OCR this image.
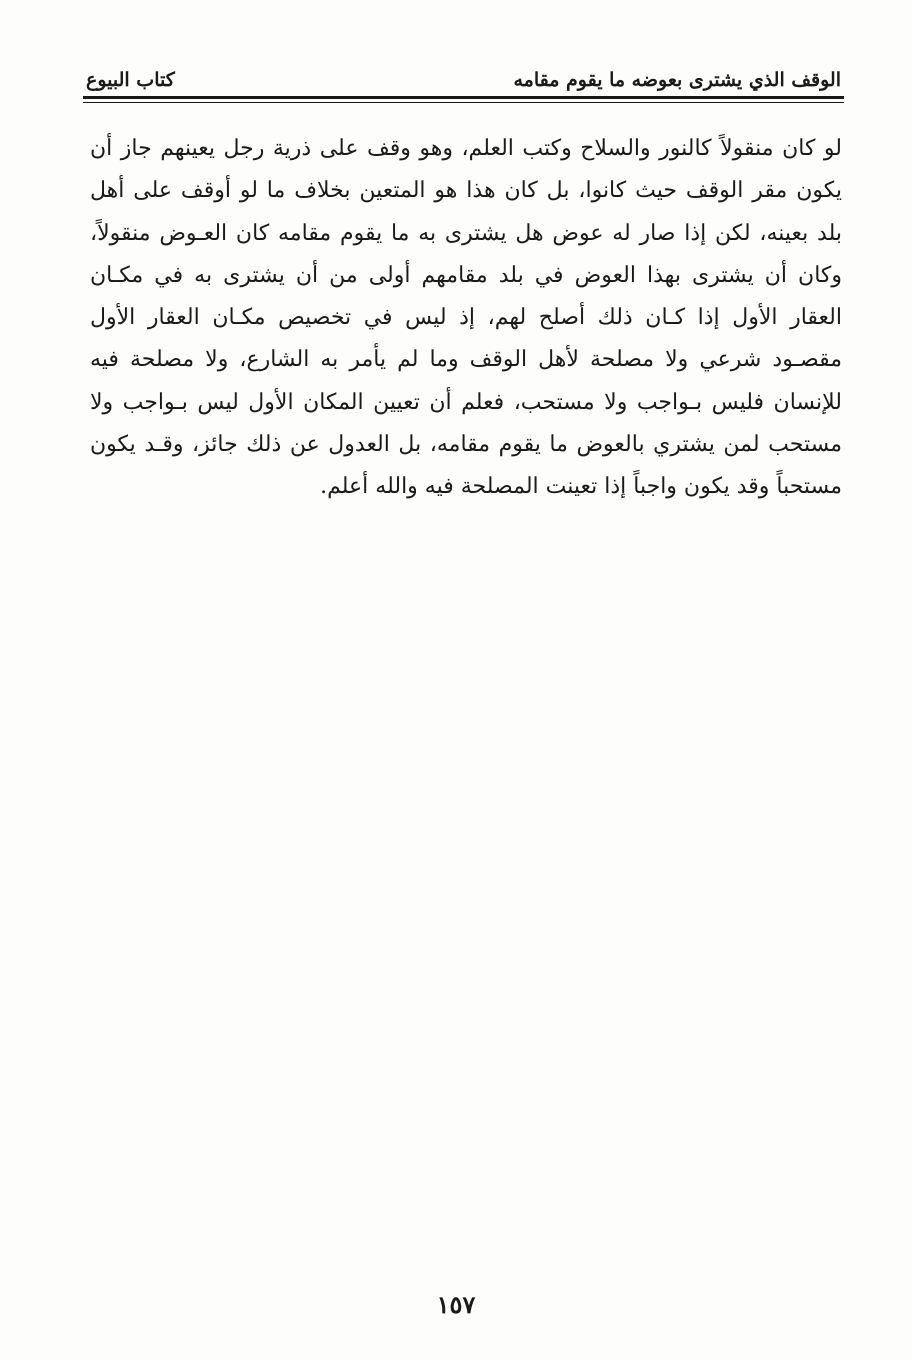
الوقف الذي يشترى بعوضه ما يقوم مقامه
كتاب البيوع

لو كان منقولاً كالنور والسلاح وكتب العلم، وهو وقف على ذرية رجل يعينهم جاز أن يكون مقر الوقف حيث كانوا، بل كان هذا هو المتعين بخلاف ما لو أوقف على أهل بلد بعينه، لكن إذا صار له عوض هل يشترى به ما يقوم مقامه كان العـوض منقولاً، وكان أن يشترى بهذا العوض في بلد مقامهم أولى من أن يشترى به في مكـان العقار الأول إذا كـان ذلك أصلح لهم، إذ ليس في تخصيص مكـان العقار الأول مقصـود شرعي ولا مصلحة لأهل الوقف وما لم يأمر به الشارع، ولا مصلحة فيه للإنسان فليس بـواجب ولا مستحب، فعلم أن تعيين المكان الأول ليس بـواجب ولا مستحب لمن يشتري بالعوض ما يقوم مقامه، بل العدول عن ذلك جائز، وقـد يكون مستحباً وقد يكون واجباً إذا تعينت المصلحة فيه والله أعلم.

١٥٧
